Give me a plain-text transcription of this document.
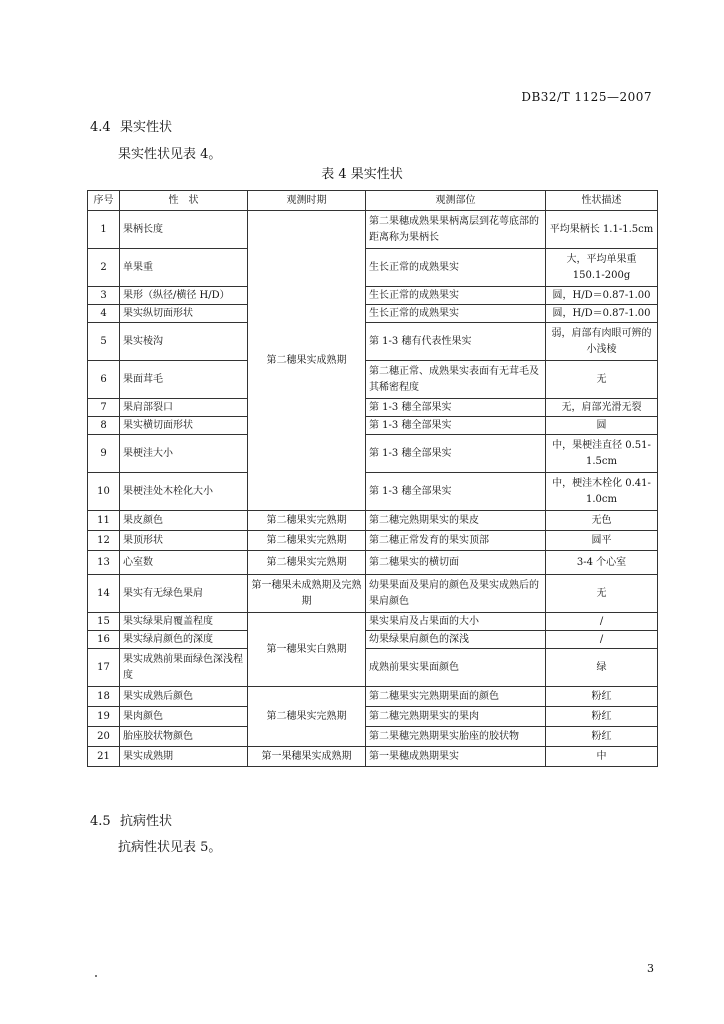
DB32/T 1125—2007
4.4 果实性状
果实性状见表 4。
表 4 果实性状
序号	性　状	观测时期	观测部位	性状描述
1	果柄长度	第二穗果实成熟期	第二果穗成熟果果柄离层到花萼底部的距离称为果柄长	平均果柄长 1.1-1.5cm
2	单果重		生长正常的成熟果实	大，平均单果重 150.1-200g
3	果形（纵径/横径 H/D）		生长正常的成熟果实	圆，H/D＝0.87-1.00
4	果实纵切面形状		生长正常的成熟果实	圆，H/D＝0.87-1.00
5	果实棱沟		第 1-3 穗有代表性果实	弱，肩部有肉眼可辨的小浅棱
6	果面茸毛		第二穗正常、成熟果实表面有无茸毛及其稀密程度	无
7	果肩部裂口		第 1-3 穗全部果实	无，肩部光滑无裂
8	果实横切面形状		第 1-3 穗全部果实	圆
9	果梗洼大小		第 1-3 穗全部果实	中，果梗洼直径 0.51-1.5cm
10	果梗洼处木栓化大小		第 1-3 穗全部果实	中，梗洼木栓化 0.41-1.0cm
11	果皮颜色	第二穗果实完熟期	第二穗完熟期果实的果皮	无色
12	果顶形状	第二穗果实完熟期	第二穗正常发育的果实顶部	圆平
13	心室数	第二穗果实完熟期	第二穗果实的横切面	3-4 个心室
14	果实有无绿色果肩	第一穗果未成熟期及完熟期	幼果果面及果肩的颜色及果实成熟后的果肩颜色	无
15	果实绿果肩覆盖程度	第一穗果实白熟期	果实果肩及占果面的大小	/
16	果实绿肩颜色的深度		幼果绿果肩颜色的深浅	/
17	果实成熟前果面绿色深浅程度		成熟前果实果面颜色	绿
18	果实成熟后颜色	第二穗果实完熟期	第二穗果实完熟期果面的颜色	粉红
19	果肉颜色		第二穗完熟期果实的果肉	粉红
20	胎座胶状物颜色		第二果穗完熟期果实胎座的胶状物	粉红
21	果实成熟期	第一果穗果实成熟期	第一果穗成熟期果实	中
4.5 抗病性状
抗病性状见表 5。
3
